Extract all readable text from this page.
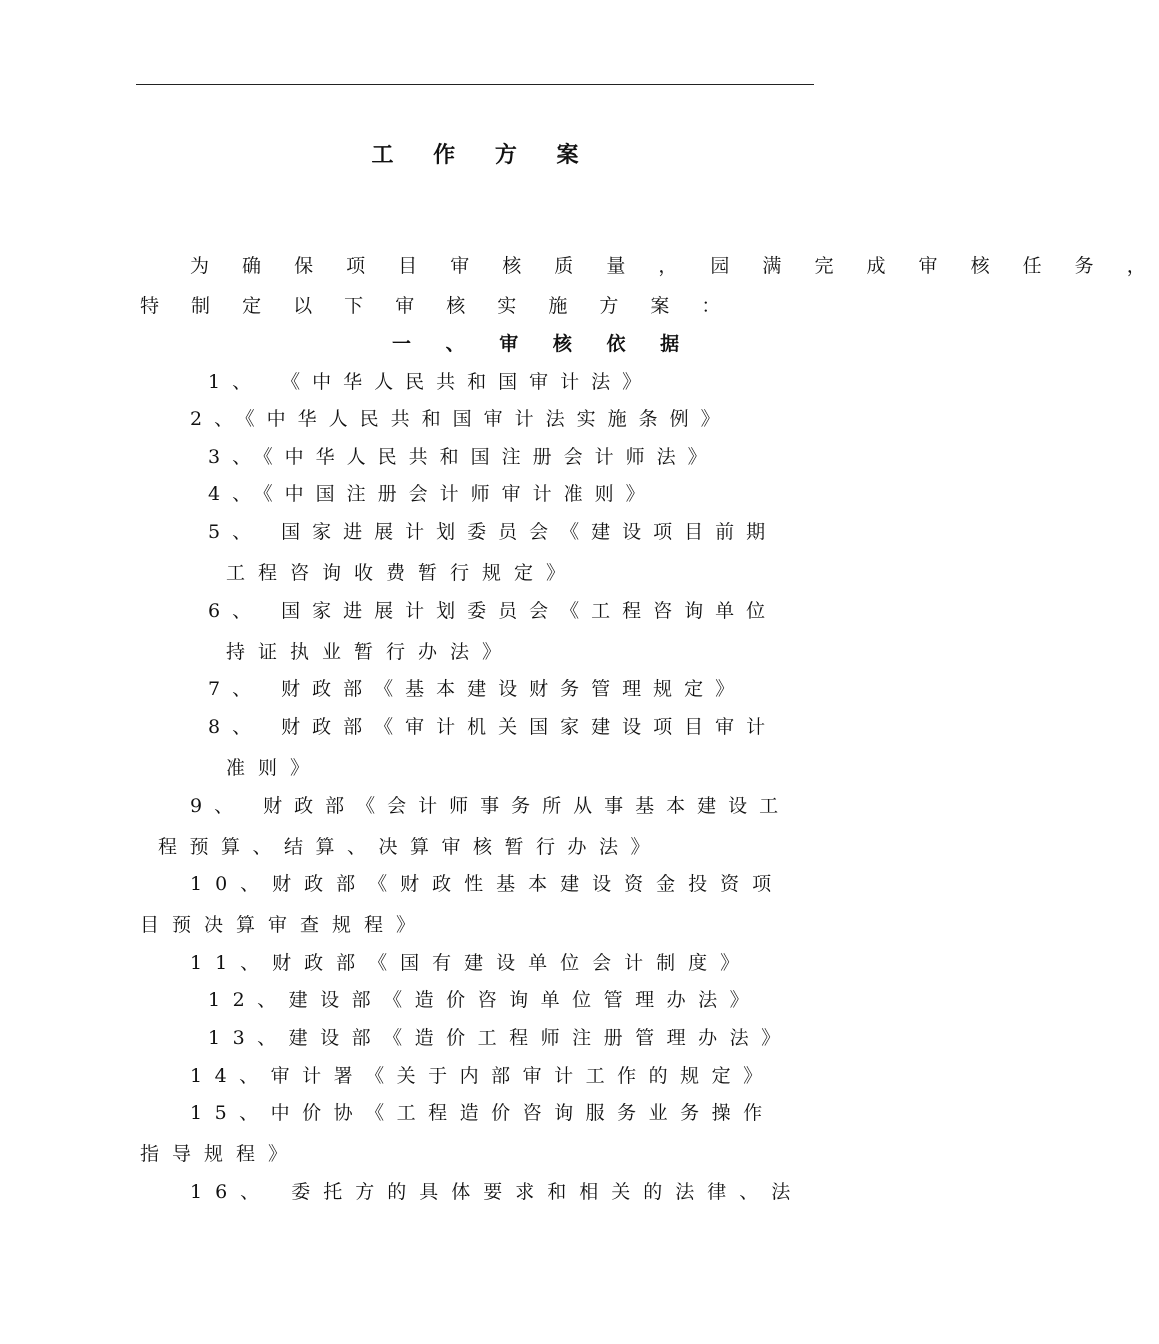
工 作 方 案
为 确 保 项 目 审 核 质 量 ， 园 满 完 成 审 核 任 务 ，
特 制 定 以 下 审 核 实 施 方 案 ：
一 、 审 核 依 据
1、 《中华人民共和国审计法》
2、《中华人民共和国审计法实施条例》
3、《中华人民共和国注册会计师法》
4、《中国注册会计师审计准则》
5、 国家进展计划委员会《建设项目前期
工程咨询收费暂行规定》
6、 国家进展计划委员会《工程咨询单位
持证执业暂行办法》
7、 财政部《基本建设财务管理规定》
8、 财政部《审计机关国家建设项目审计
准则》
9、 财政部《会计师事务所从事基本建设工
程预算、结算、决算审核暂行办法》
10、财政部《财政性基本建设资金投资项
目预决算审查规程》
11、财政部《国有建设单位会计制度》
12、建设部《造价咨询单位管理办法》
13、建设部《造价工程师注册管理办法》
14、审计署《关于内部审计工作的规定》
15、中价协《工程造价咨询服务业务操作
指导规程》
16、 委托方的具体要求和相关的法律、法
